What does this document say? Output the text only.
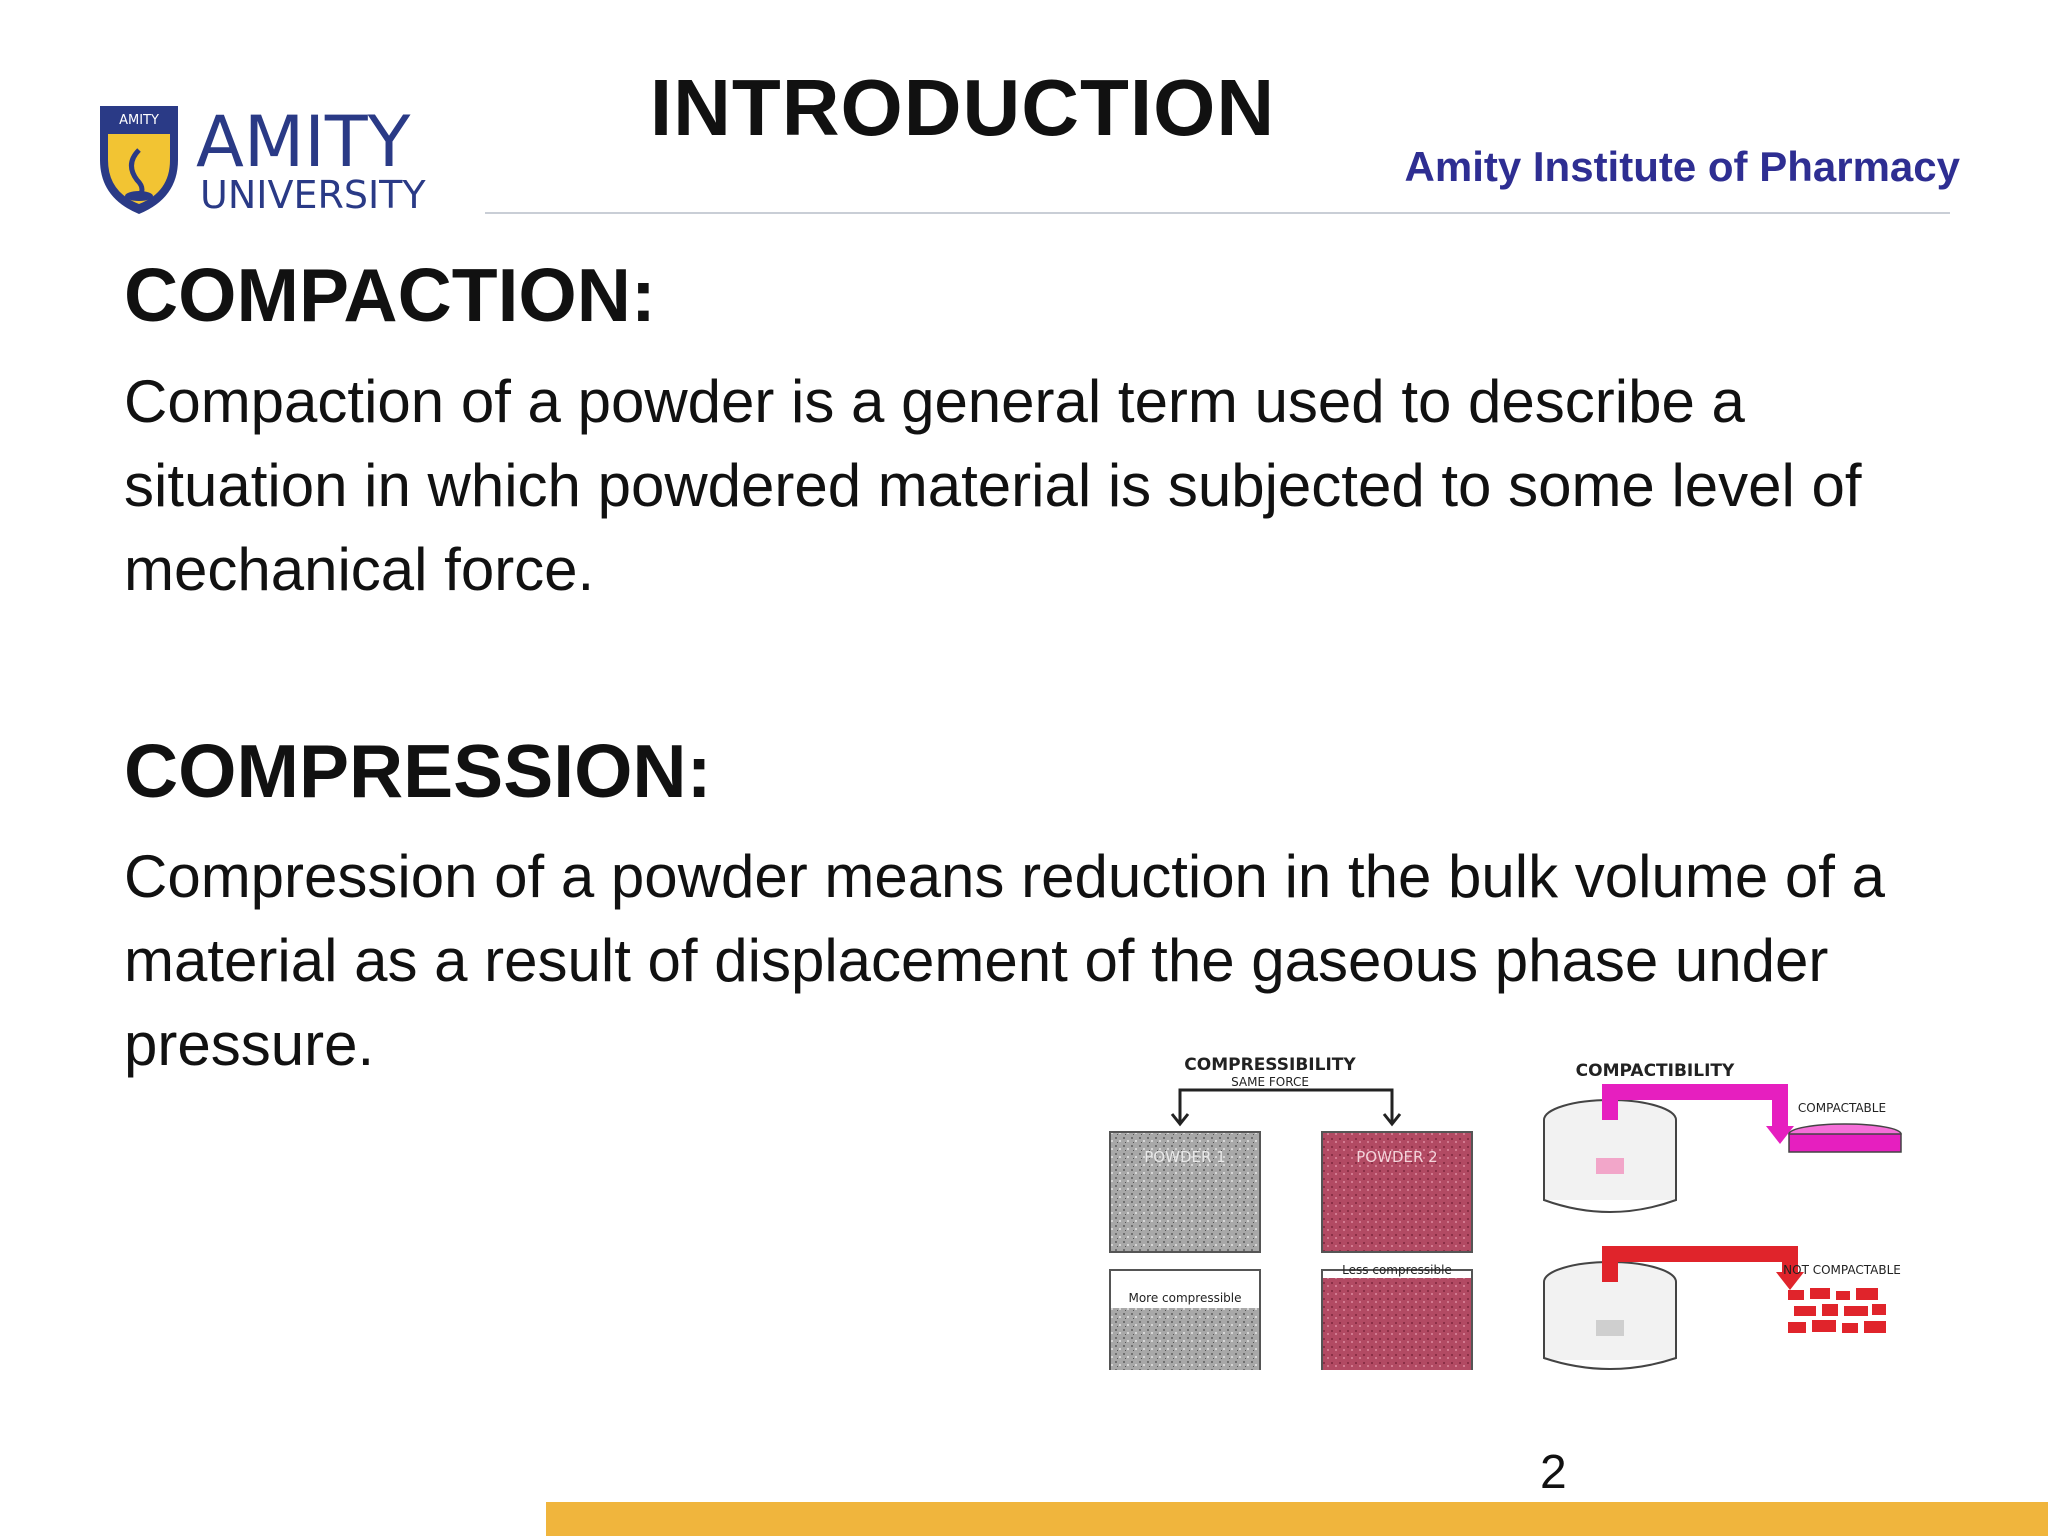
AMITY AMITY
UNIVERSITY
INTRODUCTION
Amity Institute of Pharmacy
COMPACTION:
Compaction of a powder is a general term used to describe a situation in which powdered material is subjected to some level of mechanical force.
COMPRESSION:
Compression of a powder means reduction in the bulk volume of a material as a result of displacement of the gaseous phase under pressure.	COMPRESSIBILITY
SAME FORCE
POWDER 1	POWDER 2
More compressible
Less compressible
COMPACTIBILITY
COMPACTABLE
NOT COMPACTABLE
2
